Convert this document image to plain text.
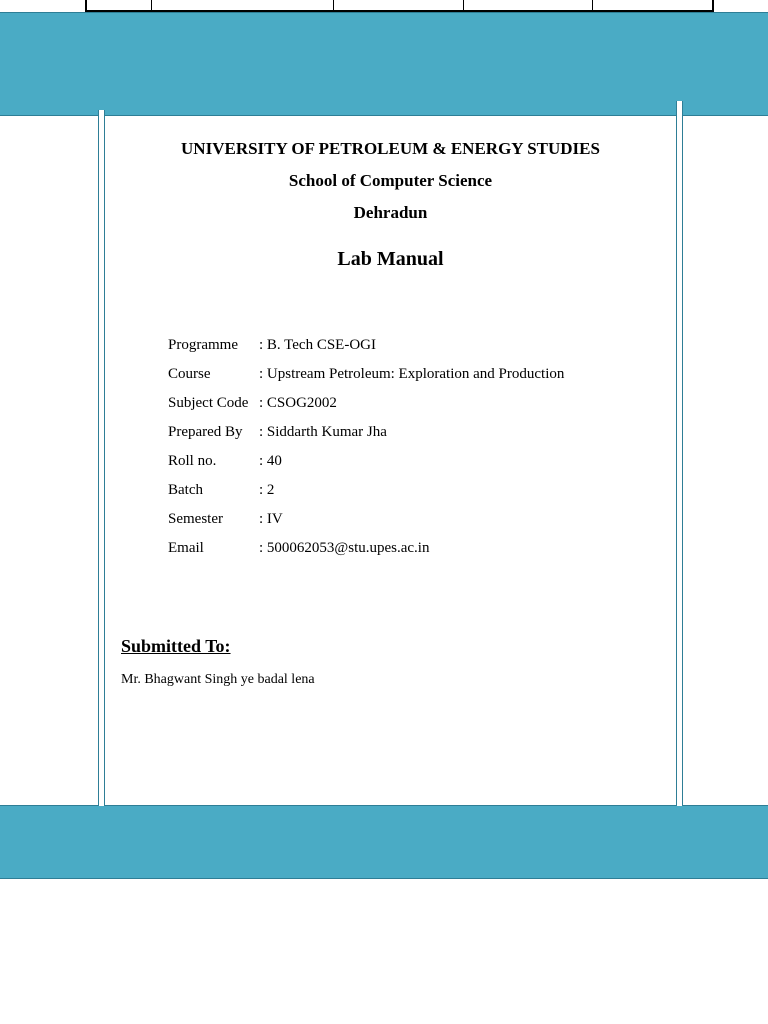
UNIVERSITY OF PETROLEUM & ENERGY STUDIES
School of Computer Science
Dehradun
Lab Manual
Programme : B. Tech CSE-OGI
Course	: Upstream Petroleum: Exploration and Production
Subject Code : CSOG2002
Prepared By : Siddarth Kumar Jha
Roll no.	: 40
Batch	: 2
Semester : IV
Email	: 500062053@stu.upes.ac.in
Submitted To:
Mr. Bhagwant Singh ye badal lena
